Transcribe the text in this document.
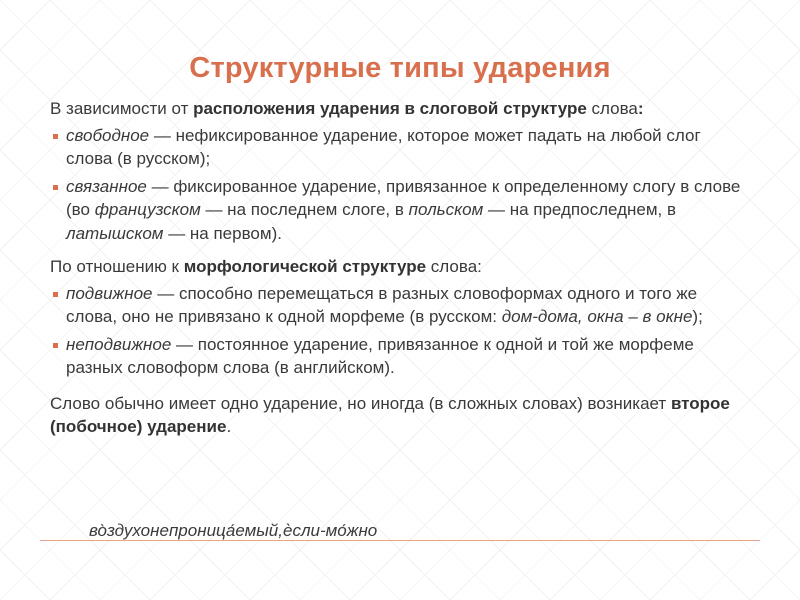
Структурные типы ударения

В зависимости от расположения ударения в слоговой структуре слова:

свободное — нефиксированное ударение, которое может падать на любой слог слова (в русском);
связанное — фиксированное ударение, привязанное к определенному слогу в слове (во французском — на последнем слоге, в польском — на предпоследнем, в латышском — на первом).

По отношению к морфологической структуре слова:

подвижное — способно перемещаться в разных словоформах одного и того же слова, оно не привязано к одной морфеме (в русском: дом-дома, окна – в окне);
неподвижное — постоянное ударение, привязанное к одной и той же морфеме разных словоформ слова (в английском).

Слово обычно имеет одно ударение, но иногда (в сложных словах) возникает второе (побочное) ударение.

во̀здухонепроница́емый,ѐсли-мо́жно
